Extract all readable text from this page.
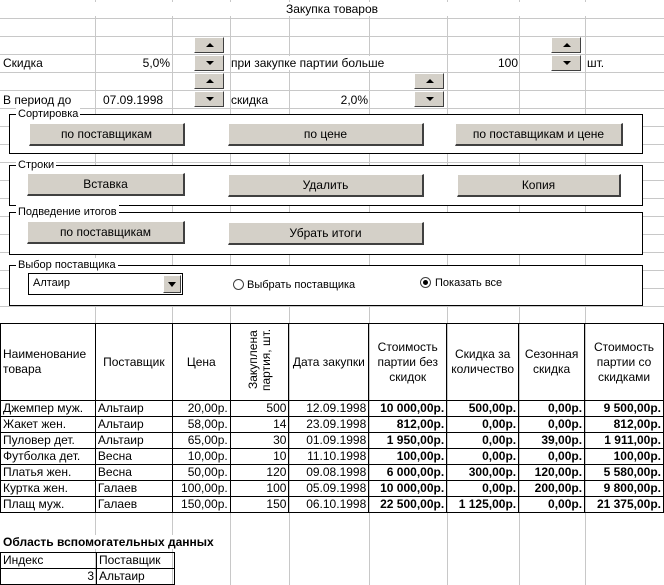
Закупка товаров
Скидка	5,0%	при закупке партии больше	100	шт.
В период до	07.09.1998	скидка	2,0%
Сортировка
по поставщикам	по цене	по поставщикам и цене
Строки
Вставка	Удалить	Копия
Подведение итогов
по поставщикам	Убрать итоги
Выбор поставщика
Алтаир	Выбрать поставщика	Показать все
Наименование товара	Поставщик	Цена	Закуплена партия, шт.	Дата закупки	Стоимость партии без скидок	Скидка за количество	Сезонная скидка	Стоимость партии со скидками
Джемпер муж.	Альтаир	20,00р.	500	12.09.1998	10 000,00р.	500,00р.	0,00р.	9 500,00р.
Жакет жен.	Альтаир	58,00р.	14	23.09.1998	812,00р.	0,00р.	0,00р.	812,00р.
Пуловер дет.	Альтаир	65,00р.	30	01.09.1998	1 950,00р.	0,00р.	39,00р.	1 911,00р.
Футболка дет.	Весна	10,00р.	10	11.10.1998	100,00р.	0,00р.	0,00р.	100,00р.
Платья жен.	Весна	50,00р.	120	09.08.1998	6 000,00р.	300,00р.	120,00р.	5 580,00р.
Куртка жен.	Галаев	100,00р.	100	05.09.1998	10 000,00р.	0,00р.	200,00р.	9 800,00р.
Плащ муж.	Галаев	150,00р.	150	06.10.1998	22 500,00р.	1 125,00р.	0,00р.	21 375,00р.
Область вспомогательных данных
Индекс	Поставщик
3	Альтаир
